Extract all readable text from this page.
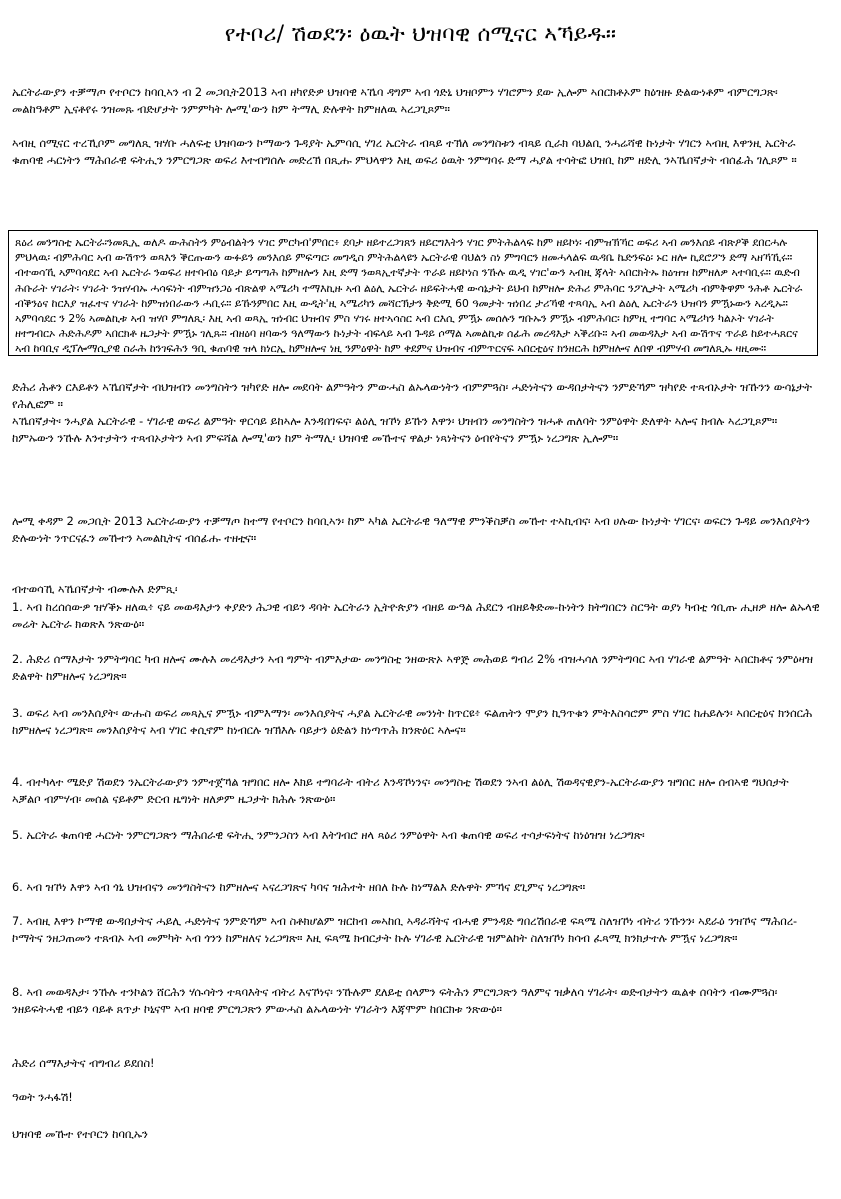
የተቦሪ/ ሽወደን፡ ዕዉት ህዝባዊ ሰሚናር ኣኻይዱ።

ኤርትራውያን ተቓማጦ የተቦርን ከባቢኣን ብ 2 መጋቢት2013 ኣብ ዘካየድዎ ህዝባዊ ኣኼባ ዳግም ኣብ ጎድኒ ህዝቦምን ሃገሮምን ደው ኢሎም ኣበርክቶኦም ክዕዝዙ ድልውነቶም ብምርግጋጽ፡ መልከዓቶም ኢናቶየሩ ንዝመጹ ብድሆታት ንምምካት ሎሚ'ውን ከም ትማሊ ድሉዋት ክምዘለዉ ኣረጋጊጾም።

ኣብዚ ሰሚናር ተረኺቦም መግለጺ ዝሃቡ ሓለፍቲ ህዝባውን ኮማውን ጉዳያት ኤምባሲ ሃገረ ኤርትራ ብጻይ ተኽለ መንግስቱን ብጻይ ሲራክ ባህልቢ ንሓሬሻዊ ኩነታት ሃገርን ኣብዚ እዋንዚ ኤርትራ ቁጠባዊ ሓርነትን ማሕበራዊ ፍትሒን ንምርግጋጽ ወፍሪ እተብግሰሉ መድረኽ በጺሑ ምህላዋን እዚ ወፍሪ ዕዉት ንምግባሩ ድማ ሓያል ተሳትፎ ህዝቢ ከም ዘድሊ ንኣኼበኛታት ብሰፊሕ ገሊጾም ።

ጸዕሪ መንግስቲ ኤርትራ፡ንመጺኢ ወለዶ ውሕስትን ምዕብልትን ሃገር ምርካብ'ምበር፥ ደባታ ዘይተረጋገጸን ዘይርግእትን ሃገር ምትሕልላፍ ከም ዘይኮነ፡ ብምዝኽኻር ወፍሪ ኣብ መንእሰይ ብጽዖቕ ደበርሓሉ ምህላዉ፡ ብምሕባር ኣብ ውሽጥን ወጻእን ቕርጡውን ውፉይን መንእሰይ ምፍጣር፡ መግዲስ ምትሕልላዩን ኤርትራዊ ባህልን ስነ ምግባርን ዘመሓላልፍ ዉዳቤ ኬድንፍዕ፡ ኑር ዘሎ ኪደሮፖን ድማ ኣዘኻኺሩ። ብተወሳኺ ኣምባሳደር ኣብ ኤርትራ ንወፍሪ ዘተባብዕ ባይታ ይጣጣሕ ከምዘሎን እዚ ድማ ንወጻኢተኛታት ጥራይ ዘይኮነስ ንኹሉ ዉዲ ሃገር'ውን ኣብዚ ጃላት ኣበርክትኡ ክዕዝዝ ከምዘለዎ ኣተባቢሩ። ዉድብ ሕቡራት ሃገራት፡ ሃገራት ንዝሃብኡ ሓሳፍነት ብምዝንጋዕ ብጽልዋ ኣሜሪካ ተማእኪዙ ኣብ ልዕሊ ኤርትራ ዘይፍትሓዊ ውሳኔታት ይህብ ከምዘሎ ድሕሪ ምሕባር ንፖሊታት ኣሜሪካ ብምቅዋም ንሕቶ ኤርትራ ብቕንዕና ከርእያ ዝፈተና ሃገራት ከምዝነበራውን ሓቢሩ። ይኹንምበር እዚ ውዲት'ዚ ኣሜሪካን መሻርኽታን ቅድሚ 60 ዓመታት ዝነበረ ታሪኻዊ ተጻባኢ ኣብ ልዕሊ ኤርትራን ህዝባን ምዃኑውን ኣረዲኡ። ኣምባሳደር ን 2% ኣመልኪቱ ኣብ ዝሃቦ ምግለጺ፡ እዚ ኣብ ወጻኢ ዝነብር ህዝብና ምስ ሃገሩ ዘተኣሳስር ኣብ ርእሲ ምዃኑ መሰሉን ግቡኡን ምዃኑ ብምሕባር፡ ከምዚ ተግባር ኣሜሪካን ካልኦት ሃገራት ዘተግብርኦ ሕድሕዶም ኣበርክቶ ዜጋታት ምዃኑ ገሊጹ። ብዘዕባ ዘባውን ዓለማውን ኩነታት ብፍላይ ኣብ ጉዳይ ሶማል ኣመልኪቱ ሰፊሕ መረዳእታ ኣቕሪቡ። ኣብ መወዳእታ ኣብ ውሽጥና ጥራይ ከይተሓጸርና ኣብ ከባቢና ዲፕሎማሲያዊ ስራሕ ከንገፍሕን ዓቢ ቁጠባዊ ዝላ ክነርኢ ከምዘሎና ነዚ ንምዕዋት ከም ቀደምና ህዝብና ብምጥርናፍ ኣበርቲዕና ክንዘርሕ ከምዘሎና ለበዋ ብምሃብ መግለጺኡ ዛዚሙ።

ድሕሪ ሕቶን ርእይቶን ኣኼበኛታት ብህዝብን መንግስትን ዝካየድ ዘሎ መደባት ልምዓትን ምውሓስ ልኡላውነትን ብምምጓስ፡ ሓድነትናን ውዳበታትናን ንምድኻም ዝካየድ ተጻብኦታት ዝኹንን ውሳኔታት የሕሊፎም ።

ኣኼበኛታት፡ ንሓያል ኤርትራዊ - ሃገራዊ ወፍሪ ልምዓት ዋርሳይ ይከኣሎ እንዳበገፍና፡ ልዕሊ ዝኾነ ይኹን እዋን፡ ህዝብን መንግስትን ዝሓቶ ጠለባት ንምዕዋት ድለዋት ኣሎና ክብሉ ኣረጋጊጾም። ከምኡውን ንኹሉ እንተታትን ተጻብኦታትን ኣብ ምፍሻል ሎሚ'ወን ከም ትማሊ፡ ህዝባዊ መኹተና ዋልታ ነጻነትናን ዕብየትናን ምዃኑ ነረጋግጽ ኢሎም።

ሎሚ ቀዳም 2 መጋቢት 2013 ኤርትራውያን ተቓማጦ ከተማ የተቦርን ከባቢኣን፡ ከም ኣካል ኤርትራዊ ዓለማዊ ምንቕስቓስ መኹተ ተኣኪብና፡ ኣብ ሀሉው ኩነታት ሃገርና፡ ወፍርን ጉዳይ መንእሰያትን ድሉውነት ንጥርናፈን መኹተን ኣመልኪትና ብሰፊሑ ተዘቲና።

ብተወሳኺ ኣኼበኛታት ብሙሉእ ድምጺ፡

1. ኣብ ከረሰሰውዎ ዝሃቕኑ ዘለዉ፥ ናይ መወዳእታን ቀያድን ሕጋዊ ብይን ዳባት ኤርትራን ኢትዮጵያን ብዘይ ውዓል ሕደርን ብዘይቅድመ-ኩነትን ክትግበርን ስርዓት ወያነ ካብቲ ጎቢጡ ሒዘዎ ዘሎ ልኡላዊ መሬት ኤርትራ ክወጽእ ንጽውዕ።

2. ሕድሪ ሰማእታት ንምትግባር ካብ ዘሎና ሙሉእ መረዳእታን ኣብ ግምት ብምእታው መንግስቲ ንዘውጽኦ ኣዋጅ መሕወይ ግብሪ 2% ብዝሓሳለ ንምትግባር ኣብ ሃገራዊ ልምዓት ኣበርክቶና ንምዕዛዝ ድልዋት ከምዘሎና ነረጋግጽ።

3. ወፍሪ ኣብ መንእሰያት፡ ውሑስ ወፍሪ መጻኢና ምዃኑ ብምእማን፡ መንእሰያትና ሓያል ኤርትራዊ መንነት ከጥርዩ፥ ፍልጠትን ሞያን ኪዓጥቁን ምትእስሳሮም ምስ ሃገር ከሐይሉን፡ ኣበርቲዕና ክንሰርሕ ከምዘሎና ነረጋግጽ። መንእሰያትና ኣብ ሃገር ቀሲኖም ከነብርሉ ዝኽእሉ ባይታን ዕድልን ክነጣጥሕ ክንጽዕር ኣሎና።

4. ብተካላተ ሜድያ ሽወደን ንኤርትራውያን ንምተጀኻል ዝግበር ዘሎ እክይ ተግባራት ብትሪ እንዳኾነንና፡ መንግስቲ ሽወደን ንኣብ ልዕሊ ሽወዳናዊያን-ኤርትራውያን ዝግበር ዘሎ ሰብኣዊ ግህሰታት ኣቓልቦ ብምሃብ፡ መሰል ናይቶም ድርብ ዜግነት ዘለዎም ዜጋታት ክሕሉ ንጽውዕ።

5. ኤርትራ ቁጠባዊ ሓርነት ንምርግጋጽን ማሕበራዊ ፍትሒ ንምንጋስን ኣብ እትገብሮ ዘላ ጻዕሪ ንምዕዋት ኣብ ቁጠባዊ ወፍሪ ተሳታፍነትና ከነዕዝዝ ነረጋግጽ፡

6. ኣብ ዝኾነ እዋን ኣብ ጎኒ ህዝብናን መንግስትናን ከምዘሎና ኣናረጋገጽና ካባና ዝሕተት ዘበለ ኩሉ ከነማልእ ድሉዋት ምኻና ደጊምና ነረጋግጽ።

7. ኣብዚ እዋን ኮማዊ ውዳበታትና ሓይሊ ሓድነትና ንምድኻም ኣብ ስቶክሆልም ዝርከብ መኣከቢ ኣዳራሻትና ብሓዊ ምንዳድ ግበረሽበራዊ ፍጻሜ ስለዝኾነ ብትሪ ንኹንን፡ ኣደራዕ ንዝኾና ማሕበረ-ኮማትና ንዘጋጠመን ተጸብኦ ኣብ መምካት ኣብ ጎንን ከምዘለና ነረጋግጽ። እዚ ፍጻሜ ክብርታት ኩሉ ሃገራዊ ኤርትራዊ ዝምልከት ስለዝኾነ ክሳብ ፈጻሚ ክንክታተሉ ምዃና ነረጋግጽ።

8. ኣብ መወዳእታ፡ ንኹሉ ተንኮልን ሸርሕን ሃሱሳትን ተጻባእትና ብትሪ እናኾነና፡ ንኹሉም ደለይቲ ሰላምን ፍትሕን ምርግጋጽን ዓለምና ዝቃለሳ ሃገራት፡ ወድብታትን ዉልቀ ሰባትን ብሙምጓስ፡ ንዘይፍትሓዊ ብይን ባይቶ ጸጥታ ኮኒናሞ ኣብ ዘባዊ ምርግጋጽን ምውሓስ ልኡላውነት ሃገራትን እጃሞም ከበርክቱ ንጽውዕ።

ሕድሪ ሰማእታትና ብግብሪ ይደበስ!

ዓወት ንሓፋሽ!

ህዝባዊ መኹተ የተቦርን ከባቢኡን
